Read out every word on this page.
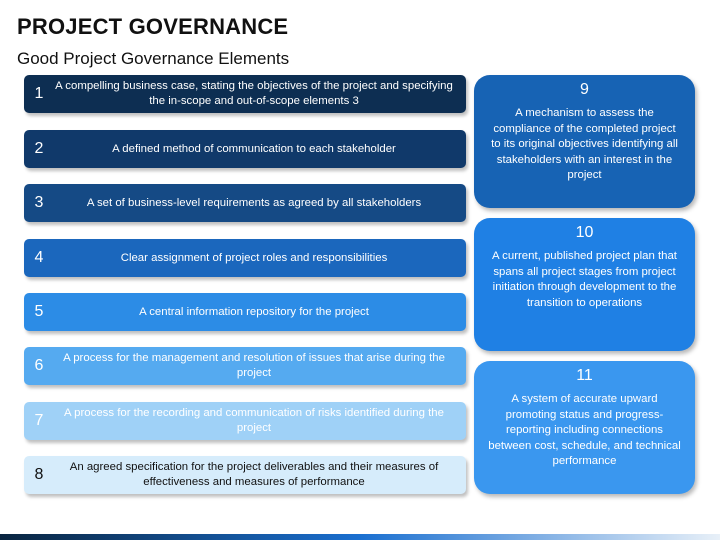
PROJECT GOVERNANCE
Good Project Governance Elements
1	A compelling business case, stating the objectives of the project and specifying the in-scope and out-of-scope elements 3
2	A defined method of communication to each stakeholder
3	A set of business-level requirements as agreed by all stakeholders
4	Clear assignment of project roles and responsibilities
5	A central information repository for the project
6	A process for the management and resolution of issues that arise during the project
7	A process for the recording and communication of risks identified during the project
8	An agreed specification for the project deliverables and their measures of effectiveness and measures of performance
9
A mechanism to assess the compliance of the completed project to its original objectives identifying all stakeholders with an interest in the project
10
A current, published project plan that spans all project stages from project initiation through development to the transition to operations
11
A system of accurate upward promoting status and progress-reporting including connections between cost, schedule, and technical performance
